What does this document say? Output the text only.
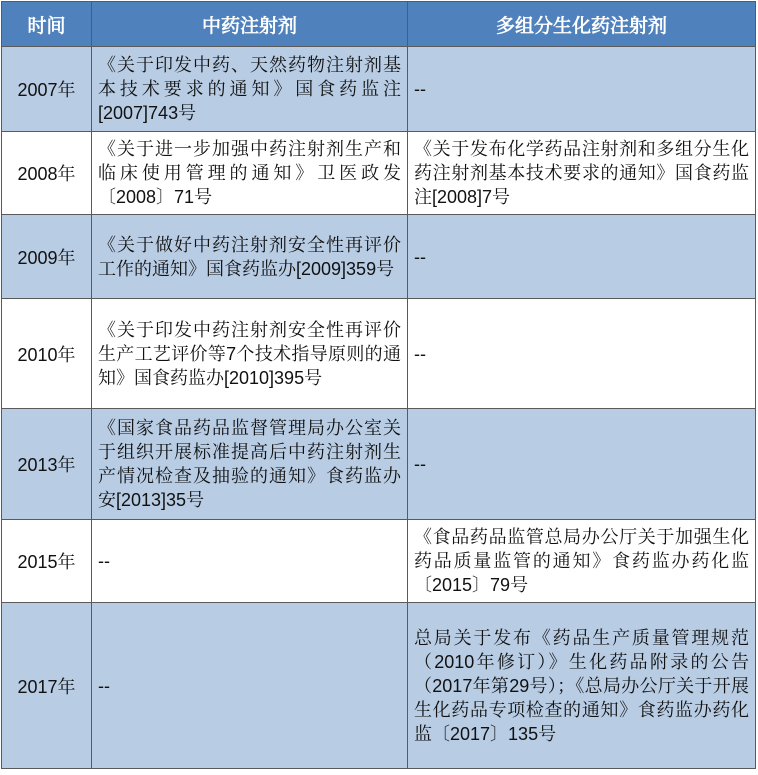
时间	中药注射剂	多组分生化药注射剂
2007年	《关于印发中药、天然药物注射剂基本技术要求的通知》国食药监注[2007]743号	--
2008年	《关于进一步加强中药注射剂生产和临床使用管理的通知》卫医政发〔2008〕71号	《关于发布化学药品注射剂和多组分生化药注射剂基本技术要求的通知》国食药监注[2008]7号
2009年	《关于做好中药注射剂安全性再评价工作的通知》国食药监办[2009]359号	--
2010年	《关于印发中药注射剂安全性再评价生产工艺评价等7个技术指导原则的通知》国食药监办[2010]395号	--
2013年	《国家食品药品监督管理局办公室关于组织开展标准提高后中药注射剂生产情况检查及抽验的通知》食药监办安[2013]35号	--
2015年	--	《食品药品监管总局办公厅关于加强生化药品质量监管的通知》食药监办药化监〔2015〕79号
2017年	--	总局关于发布《药品生产质量管理规范（2010年修订）》生化药品附录的公告（2017年第29号）；《总局办公厅关于开展生化药品专项检查的通知》食药监办药化监〔2017〕135号
